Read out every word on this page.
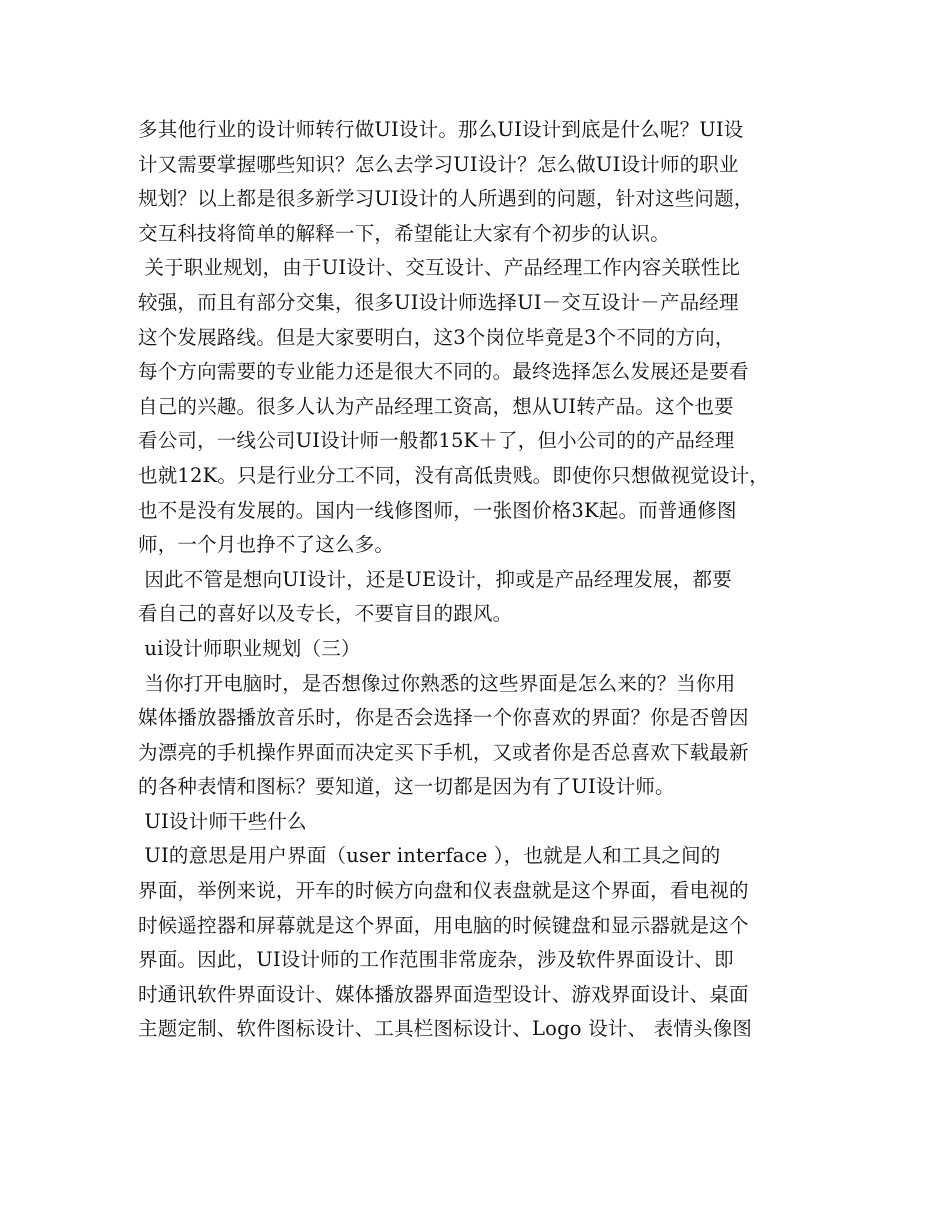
多其他行业的设计师转行做UI设计。那么UI设计到底是什么呢？UI设
计又需要掌握哪些知识？怎么去学习UI设计？怎么做UI设计师的职业
规划？以上都是很多新学习UI设计的人所遇到的问题，针对这些问题，
交互科技将简单的解释一下，希望能让大家有个初步的认识。
关于职业规划，由于UI设计、交互设计、产品经理工作内容关联性比
较强，而且有部分交集，很多UI设计师选择UI－交互设计－产品经理
这个发展路线。但是大家要明白，这3个岗位毕竟是3个不同的方向，
每个方向需要的专业能力还是很大不同的。最终选择怎么发展还是要看
自己的兴趣。很多人认为产品经理工资高，想从UI转产品。这个也要
看公司，一线公司UI设计师一般都15K＋了，但小公司的的产品经理
也就12K。只是行业分工不同，没有高低贵贱。即使你只想做视觉设计，
也不是没有发展的。国内一线修图师，一张图价格3K起。而普通修图
师，一个月也挣不了这么多。
因此不管是想向UI设计，还是UE设计，抑或是产品经理发展，都要
看自己的喜好以及专长，不要盲目的跟风。
ui设计师职业规划（三）
当你打开电脑时，是否想像过你熟悉的这些界面是怎么来的？当你用
媒体播放器播放音乐时，你是否会选择一个你喜欢的界面？你是否曾因
为漂亮的手机操作界面而决定买下手机，又或者你是否总喜欢下载最新
的各种表情和图标？要知道，这一切都是因为有了UI设计师。
UI设计师干些什么
UI的意思是用户界面（user interface ），也就是人和工具之间的
界面，举例来说，开车的时候方向盘和仪表盘就是这个界面，看电视的
时候遥控器和屏幕就是这个界面，用电脑的时候键盘和显示器就是这个
界面。因此，UI设计师的工作范围非常庞杂，涉及软件界面设计、即
时通讯软件界面设计、媒体播放器界面造型设计、游戏界面设计、桌面
主题定制、软件图标设计、工具栏图标设计、Logo 设计、 表情头像图
